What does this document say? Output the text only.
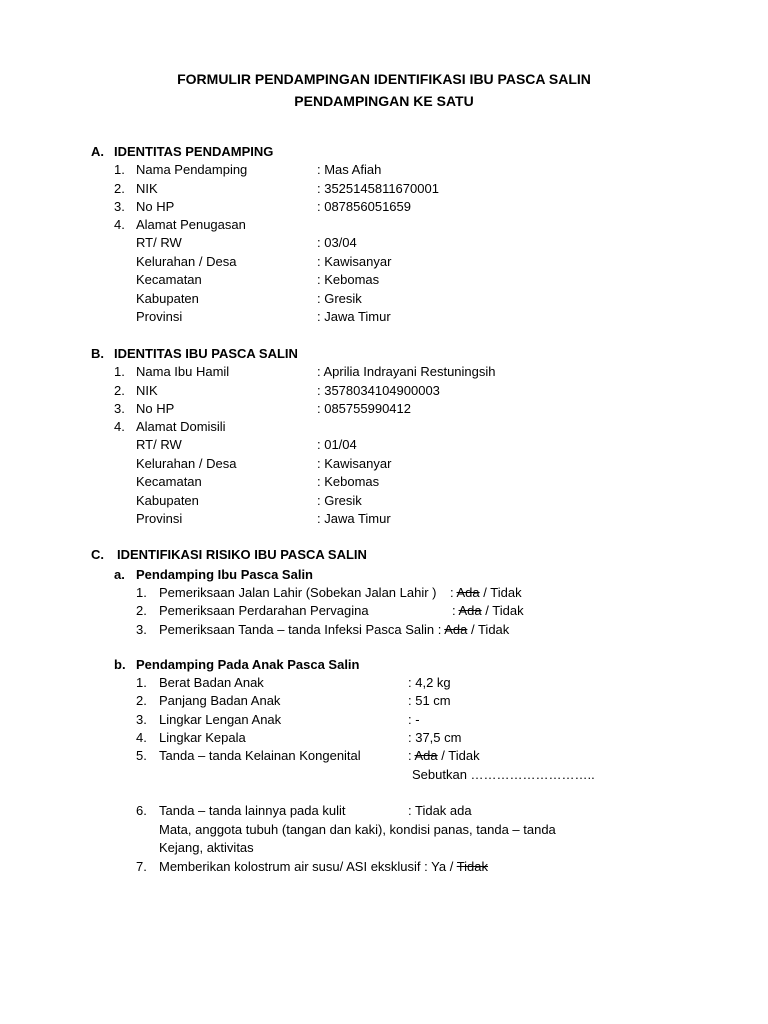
FORMULIR PENDAMPINGAN IDENTIFIKASI IBU PASCA SALIN
PENDAMPINGAN KE SATU
A. IDENTITAS PENDAMPING
1. Nama Pendamping	: Mas Afiah
2. NIK	: 3525145811670001
3. No HP	: 087856051659
4. Alamat Penugasan
RT/ RW	: 03/04
Kelurahan / Desa	: Kawisanyar
Kecamatan	: Kebomas
Kabupaten	: Gresik
Provinsi	: Jawa Timur
B. IDENTITAS IBU PASCA SALIN
1. Nama Ibu Hamil	: Aprilia Indrayani Restuningsih
2. NIK	: 3578034104900003
3. No HP	: 085755990412
4. Alamat Domisili
RT/ RW	: 01/04
Kelurahan / Desa	: Kawisanyar
Kecamatan	: Kebomas
Kabupaten	: Gresik
Provinsi	: Jawa Timur
C. IDENTIFIKASI RISIKO IBU PASCA SALIN
a. Pendamping Ibu Pasca Salin
1. Pemeriksaan Jalan Lahir (Sobekan Jalan Lahir ) : Ada / Tidak
2. Pemeriksaan Perdarahan Pervagina	: Ada / Tidak
3. Pemeriksaan Tanda – tanda Infeksi Pasca Salin : Ada / Tidak
b. Pendamping Pada Anak Pasca Salin
1. Berat Badan Anak	: 4,2 kg
2. Panjang Badan Anak	: 51 cm
3. Lingkar Lengan Anak	: -
4. Lingkar Kepala	: 37,5 cm
5. Tanda – tanda Kelainan Kongenital	: Ada / Tidak
Sebutkan ………………………..
6. Tanda – tanda lainnya pada kulit	: Tidak ada
Mata, anggota tubuh (tangan dan kaki), kondisi panas, tanda – tanda
Kejang, aktivitas
7. Memberikan kolostrum air susu/ ASI eksklusif : Ya / Tidak
